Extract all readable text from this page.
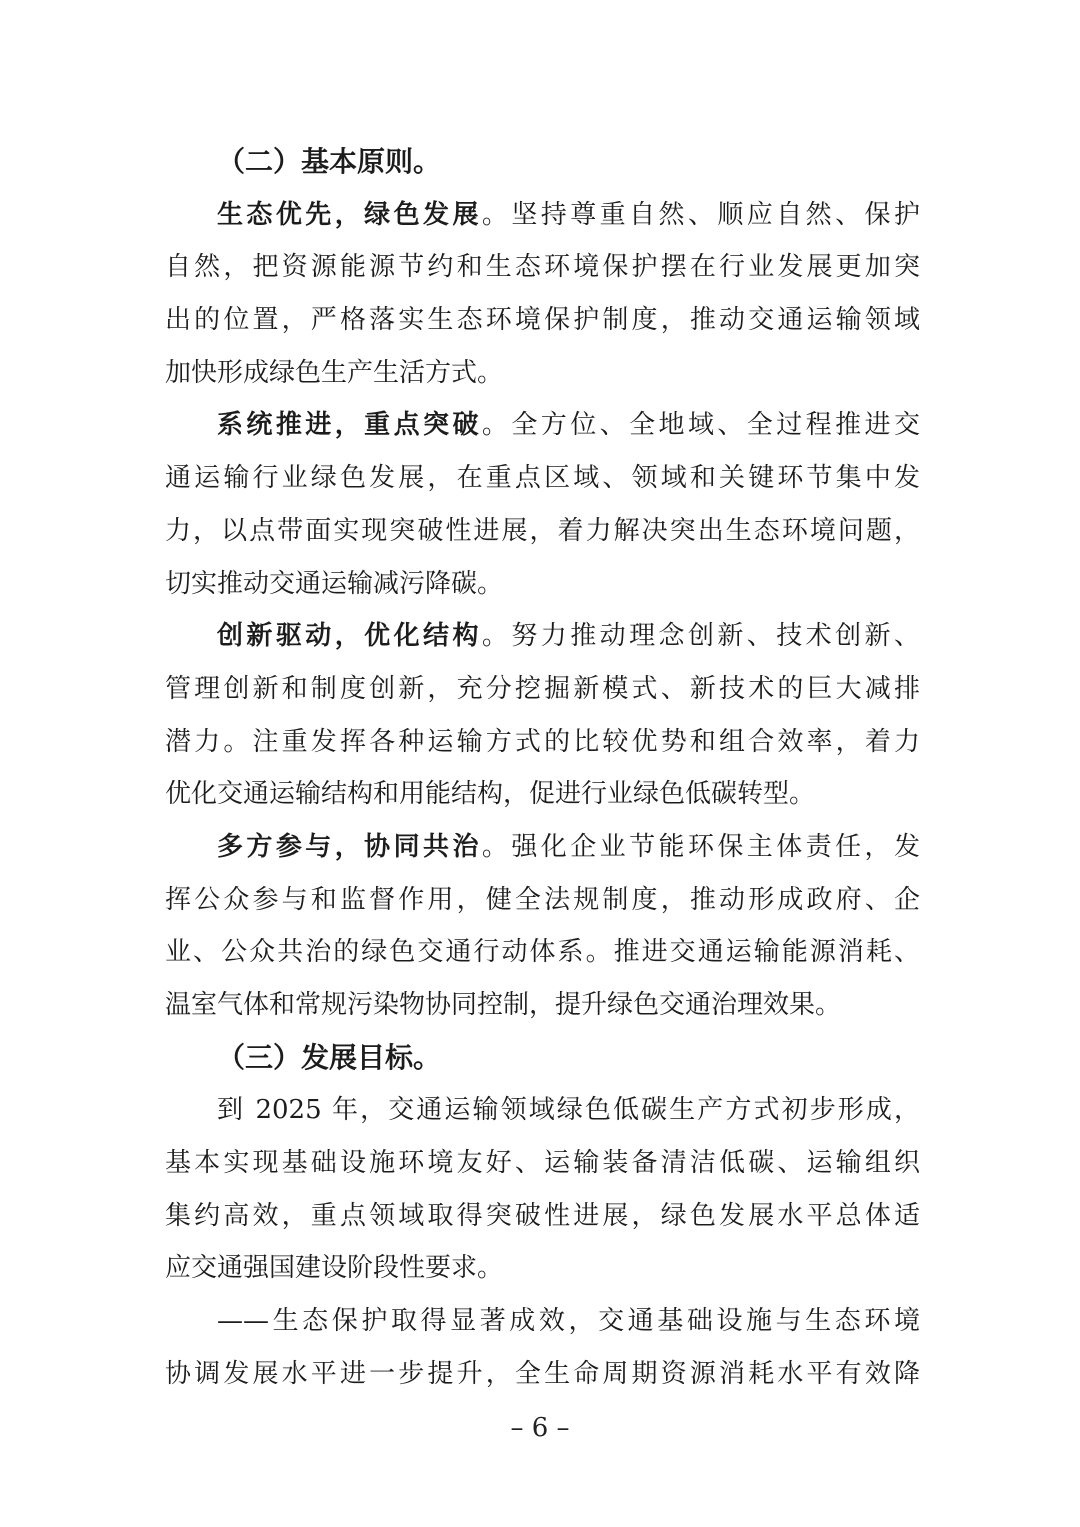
（二）基本原则。
生态优先，绿色发展。坚持尊重自然、顺应自然、保护
自然，把资源能源节约和生态环境保护摆在行业发展更加突
出的位置，严格落实生态环境保护制度，推动交通运输领域
加快形成绿色生产生活方式。
系统推进，重点突破。全方位、全地域、全过程推进交
通运输行业绿色发展，在重点区域、领域和关键环节集中发
力，以点带面实现突破性进展，着力解决突出生态环境问题，
切实推动交通运输减污降碳。
创新驱动，优化结构。努力推动理念创新、技术创新、
管理创新和制度创新，充分挖掘新模式、新技术的巨大减排
潜力。注重发挥各种运输方式的比较优势和组合效率，着力
优化交通运输结构和用能结构，促进行业绿色低碳转型。
多方参与，协同共治。强化企业节能环保主体责任，发
挥公众参与和监督作用，健全法规制度，推动形成政府、企
业、公众共治的绿色交通行动体系。推进交通运输能源消耗、
温室气体和常规污染物协同控制，提升绿色交通治理效果。
（三）发展目标。
到 2025 年，交通运输领域绿色低碳生产方式初步形成，
基本实现基础设施环境友好、运输装备清洁低碳、运输组织
集约高效，重点领域取得突破性进展，绿色发展水平总体适
应交通强国建设阶段性要求。
——生态保护取得显著成效，交通基础设施与生态环境
协调发展水平进一步提升，全生命周期资源消耗水平有效降
– 6 –
